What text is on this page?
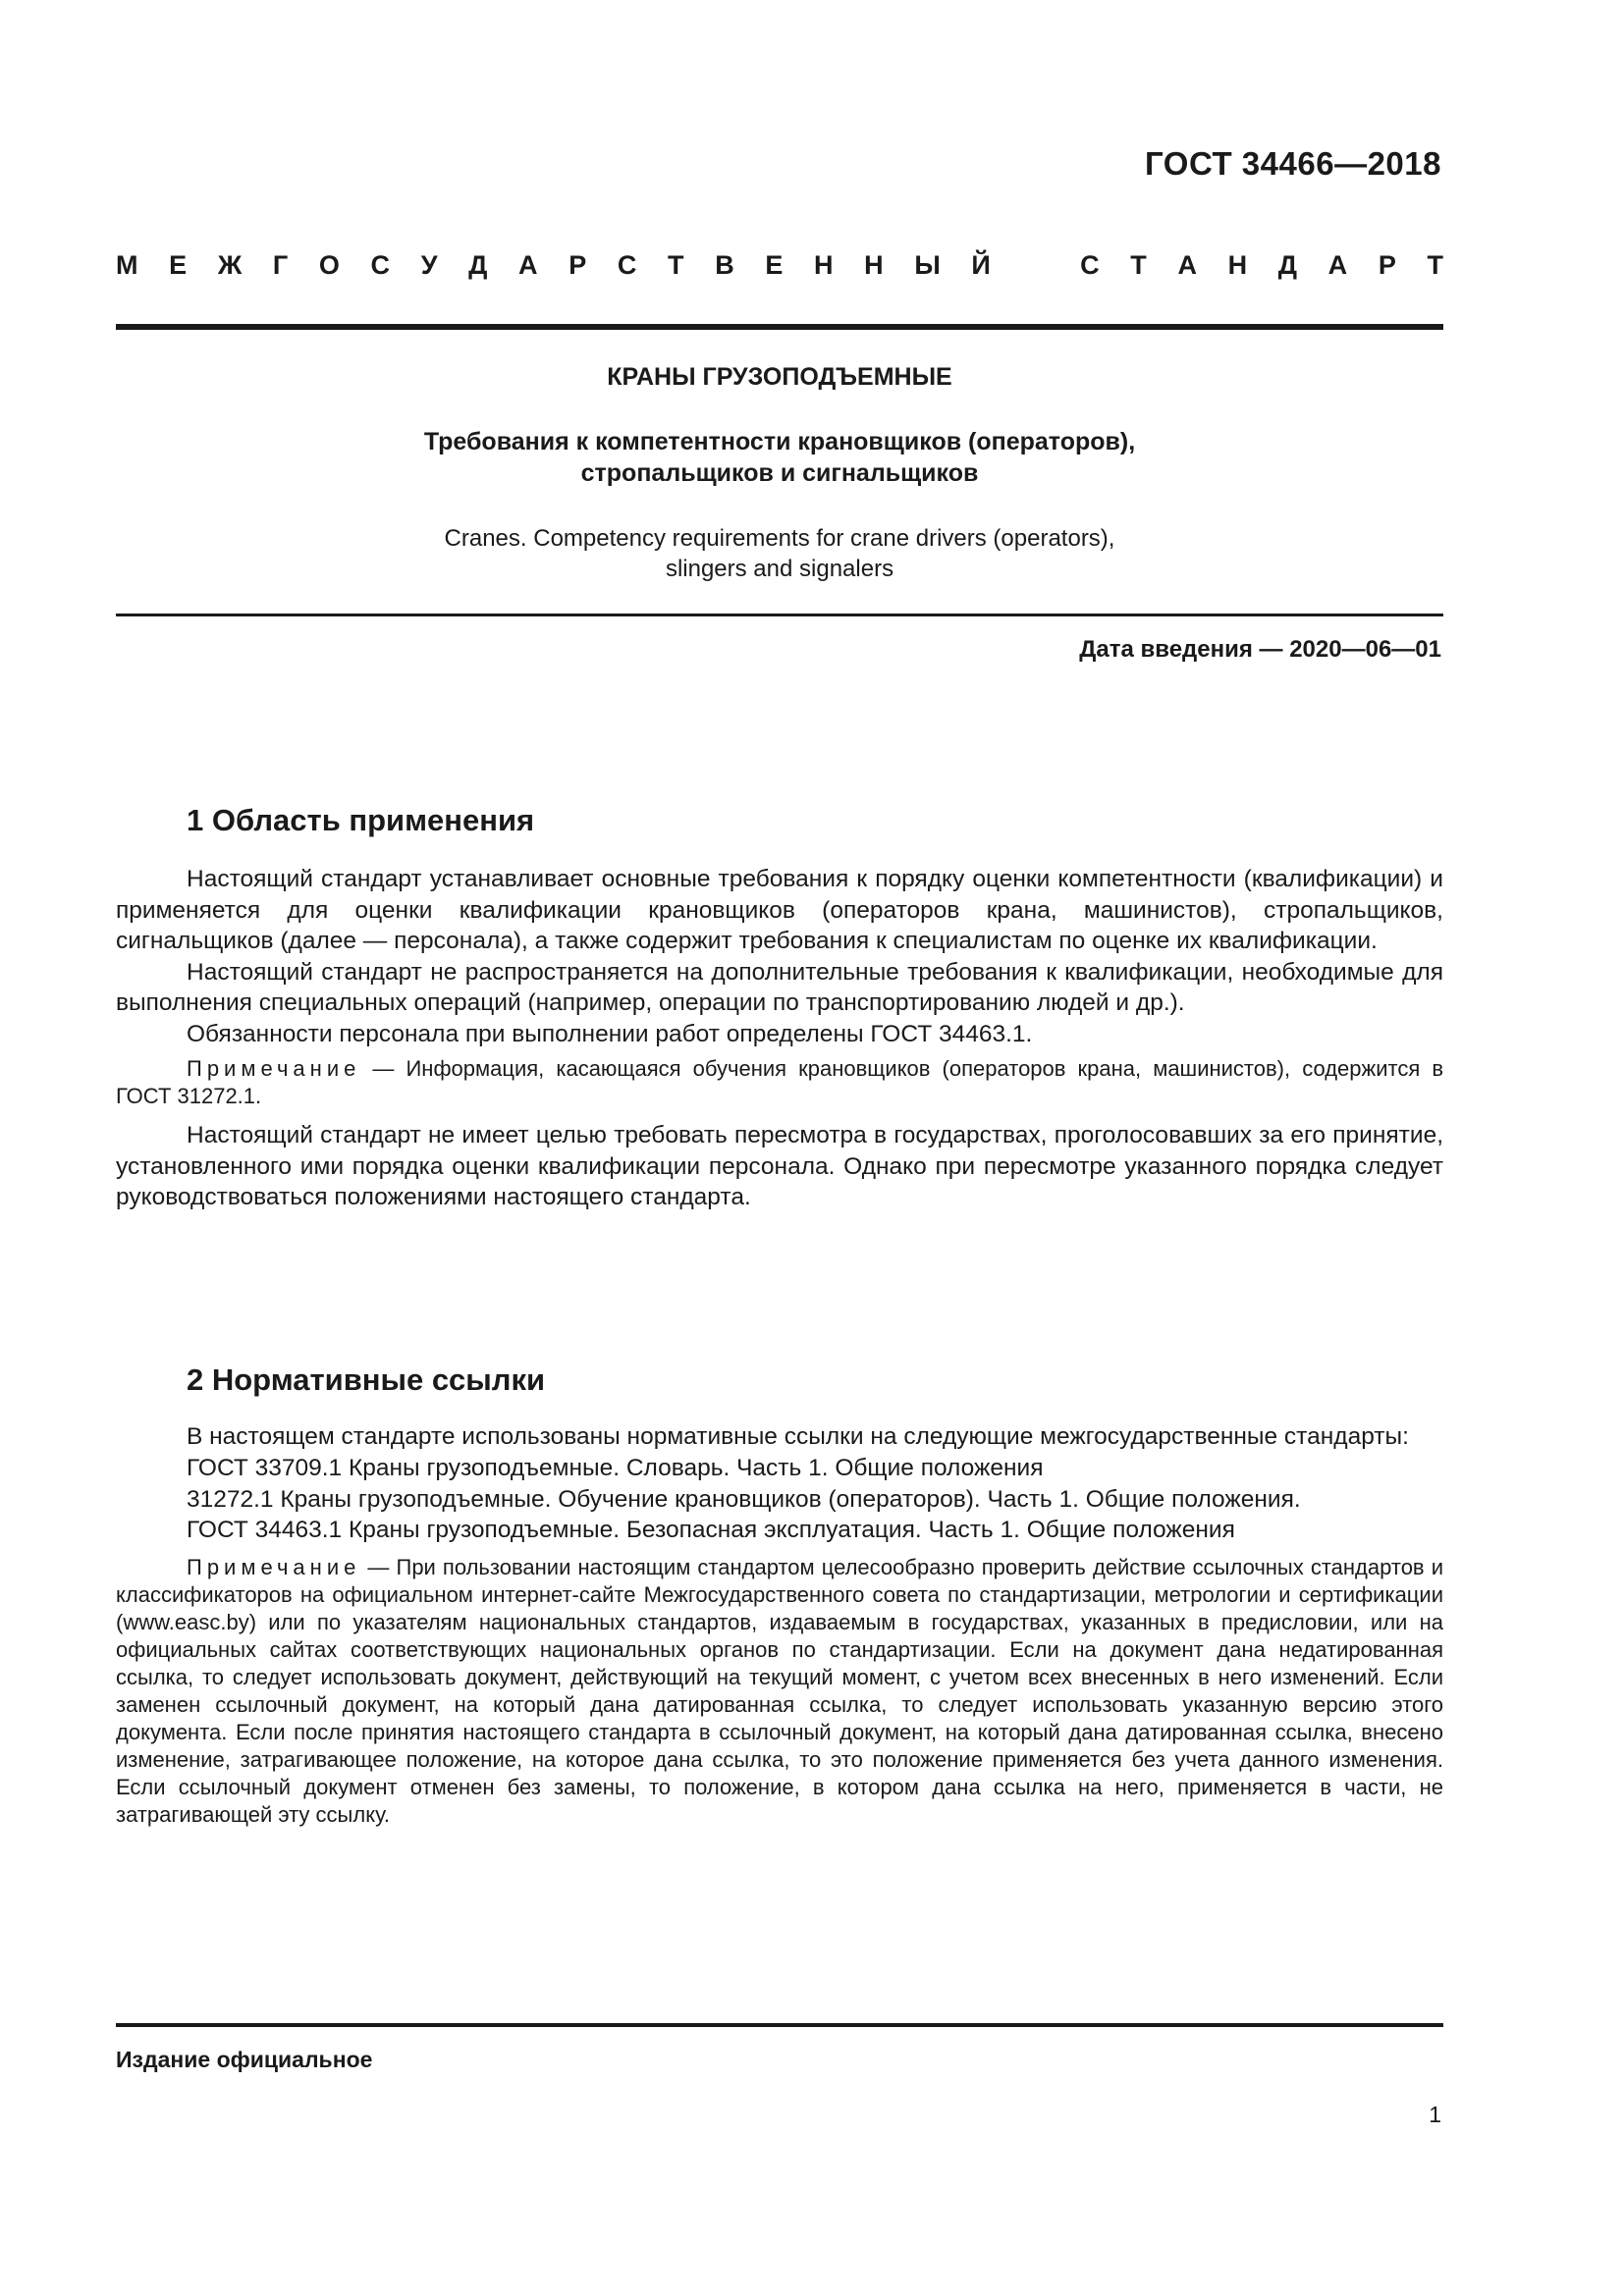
ГОСТ 34466—2018
М Е Ж Г О С У Д А Р С Т В Е Н Н Ы Й	С Т А Н Д А Р Т
КРАНЫ ГРУЗОПОДЪЕМНЫЕ
Требования к компетентности крановщиков (операторов),
стропальщиков и сигнальщиков
Cranes. Competency requirements for crane drivers (operators),
slingers and signalers
Дата введения — 2020—06—01
1 Область применения

Настоящий стандарт устанавливает основные требования к порядку оценки компетентности (квалификации) и применяется для оценки квалификации крановщиков (операторов крана, машинистов), стропальщиков, сигнальщиков (далее — персонала), а также содержит требования к специалистам по оценке их квалификации.

Настоящий стандарт не распространяется на дополнительные требования к квалификации, необходимые для выполнения специальных операций (например, операции по транспортированию людей и др.).

Обязанности персонала при выполнении работ определены ГОСТ 34463.1.

Примечание — Информация, касающаяся обучения крановщиков (операторов крана, машинистов), содержится в ГОСТ 31272.1.

Настоящий стандарт не имеет целью требовать пересмотра в государствах, проголосовавших за его принятие, установленного ими порядка оценки квалификации персонала. Однако при пересмотре указанного порядка следует руководствоваться положениями настоящего стандарта.

2 Нормативные ссылки

В настоящем стандарте использованы нормативные ссылки на следующие межгосударственные стандарты:

ГОСТ 33709.1 Краны грузоподъемные. Словарь. Часть 1. Общие положения

31272.1 Краны грузоподъемные. Обучение крановщиков (операторов). Часть 1. Общие положения.

ГОСТ 34463.1 Краны грузоподъемные. Безопасная эксплуатация. Часть 1. Общие положения

Примечание — При пользовании настоящим стандартом целесообразно проверить действие ссылочных стандартов и классификаторов на официальном интернет-сайте Межгосударственного совета по стандартизации, метрологии и сертификации (www.easc.by) или по указателям национальных стандартов, издаваемым в государствах, указанных в предисловии, или на официальных сайтах соответствующих национальных органов по стандартизации. Если на документ дана недатированная ссылка, то следует использовать документ, действующий на текущий момент, с учетом всех внесенных в него изменений. Если заменен ссылочный документ, на который дана датированная ссылка, то следует использовать указанную версию этого документа. Если после принятия настоящего стандарта в ссылочный документ, на который дана датированная ссылка, внесено изменение, затрагивающее положение, на которое дана ссылка, то это положение применяется без учета данного изменения. Если ссылочный документ отменен без замены, то положение, в котором дана ссылка на него, применяется в части, не затрагивающей эту ссылку.

Издание официальное
1
